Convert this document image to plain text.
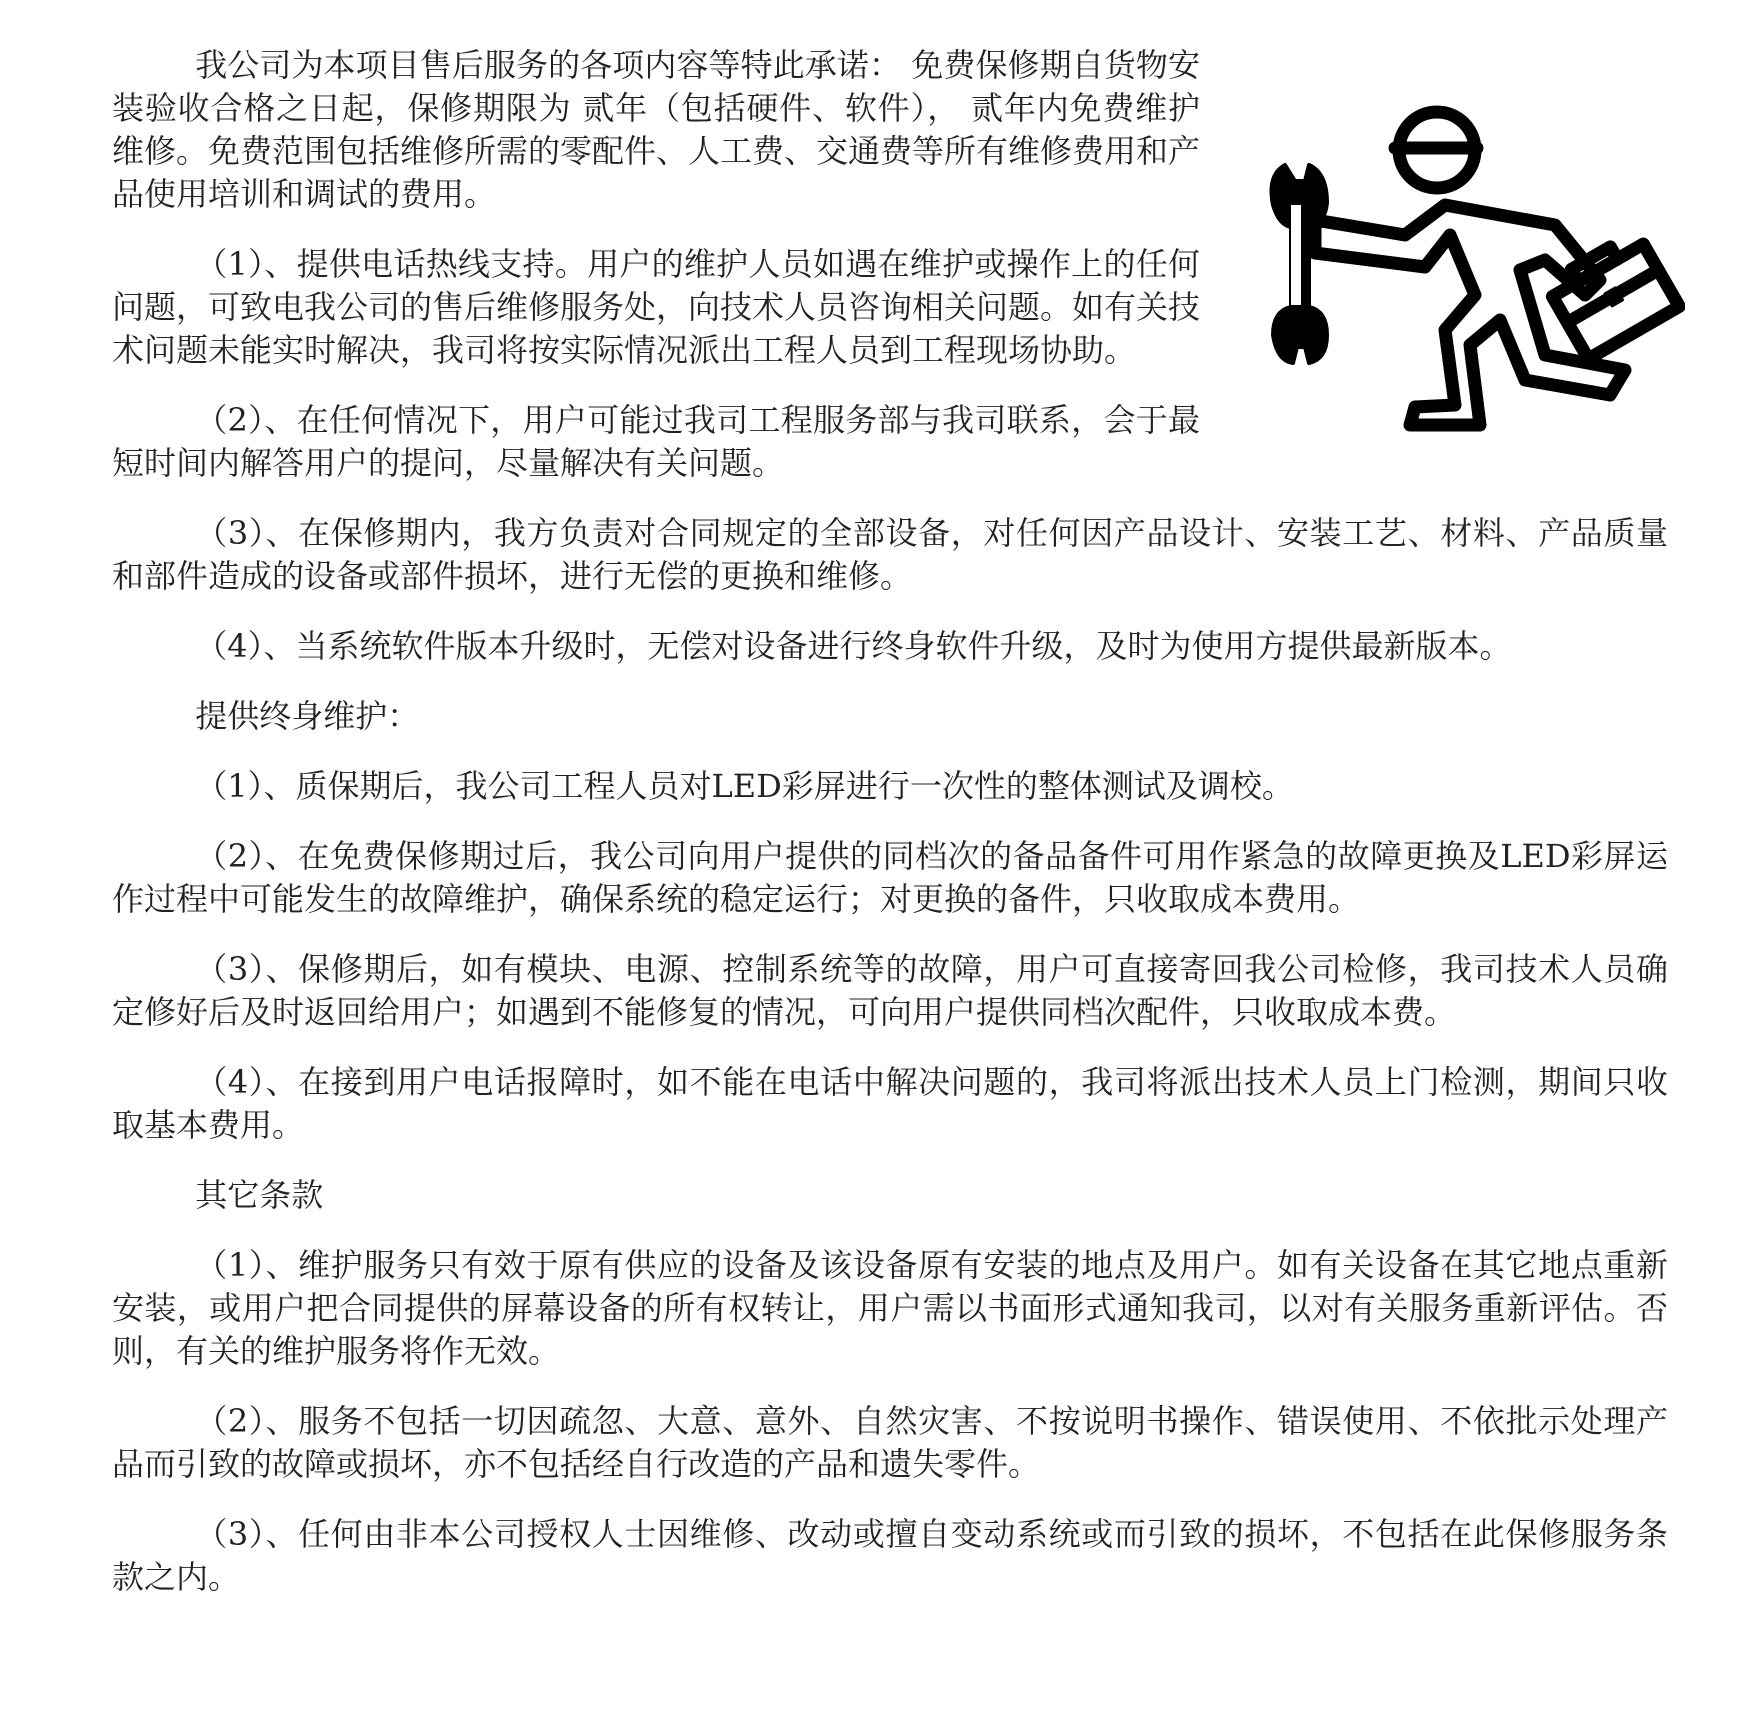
我公司为本项目售后服务的各项内容等特此承诺： 免费保修期自货物安装验收合格之日起，保修期限为 贰年（包括硬件、软件）， 贰年内免费维护维修。免费范围包括维修所需的零配件、人工费、交通费等所有维修费用和产品使用培训和调试的费用。

（1）、提供电话热线支持。用户的维护人员如遇在维护或操作上的任何问题，可致电我公司的售后维修服务处，向技术人员咨询相关问题。如有关技术问题未能实时解决，我司将按实际情况派出工程人员到工程现场协助。

（2）、在任何情况下，用户可能过我司工程服务部与我司联系，会于最短时间内解答用户的提问，尽量解决有关问题。

（3）、在保修期内，我方负责对合同规定的全部设备，对任何因产品设计、安装工艺、材料、产品质量和部件造成的设备或部件损坏，进行无偿的更换和维修。

（4）、当系统软件版本升级时，无偿对设备进行终身软件升级，及时为使用方提供最新版本。

提供终身维护：

（1）、质保期后，我公司工程人员对LED彩屏进行一次性的整体测试及调校。

（2）、在免费保修期过后，我公司向用户提供的同档次的备品备件可用作紧急的故障更换及LED彩屏运作过程中可能发生的故障维护，确保系统的稳定运行；对更换的备件，只收取成本费用。

（3）、保修期后，如有模块、电源、控制系统等的故障，用户可直接寄回我公司检修，我司技术人员确定修好后及时返回给用户；如遇到不能修复的情况，可向用户提供同档次配件，只收取成本费。

（4）、在接到用户电话报障时，如不能在电话中解决问题的，我司将派出技术人员上门检测，期间只收取基本费用。

其它条款

（1）、维护服务只有效于原有供应的设备及该设备原有安装的地点及用户。如有关设备在其它地点重新安装，或用户把合同提供的屏幕设备的所有权转让，用户需以书面形式通知我司，以对有关服务重新评估。否则，有关的维护服务将作无效。

（2）、服务不包括一切因疏忽、大意、意外、自然灾害、不按说明书操作、错误使用、不依批示处理产品而引致的故障或损坏，亦不包括经自行改造的产品和遗失零件。

（3）、任何由非本公司授权人士因维修、改动或擅自变动系统或而引致的损坏，不包括在此保修服务条款之内。
